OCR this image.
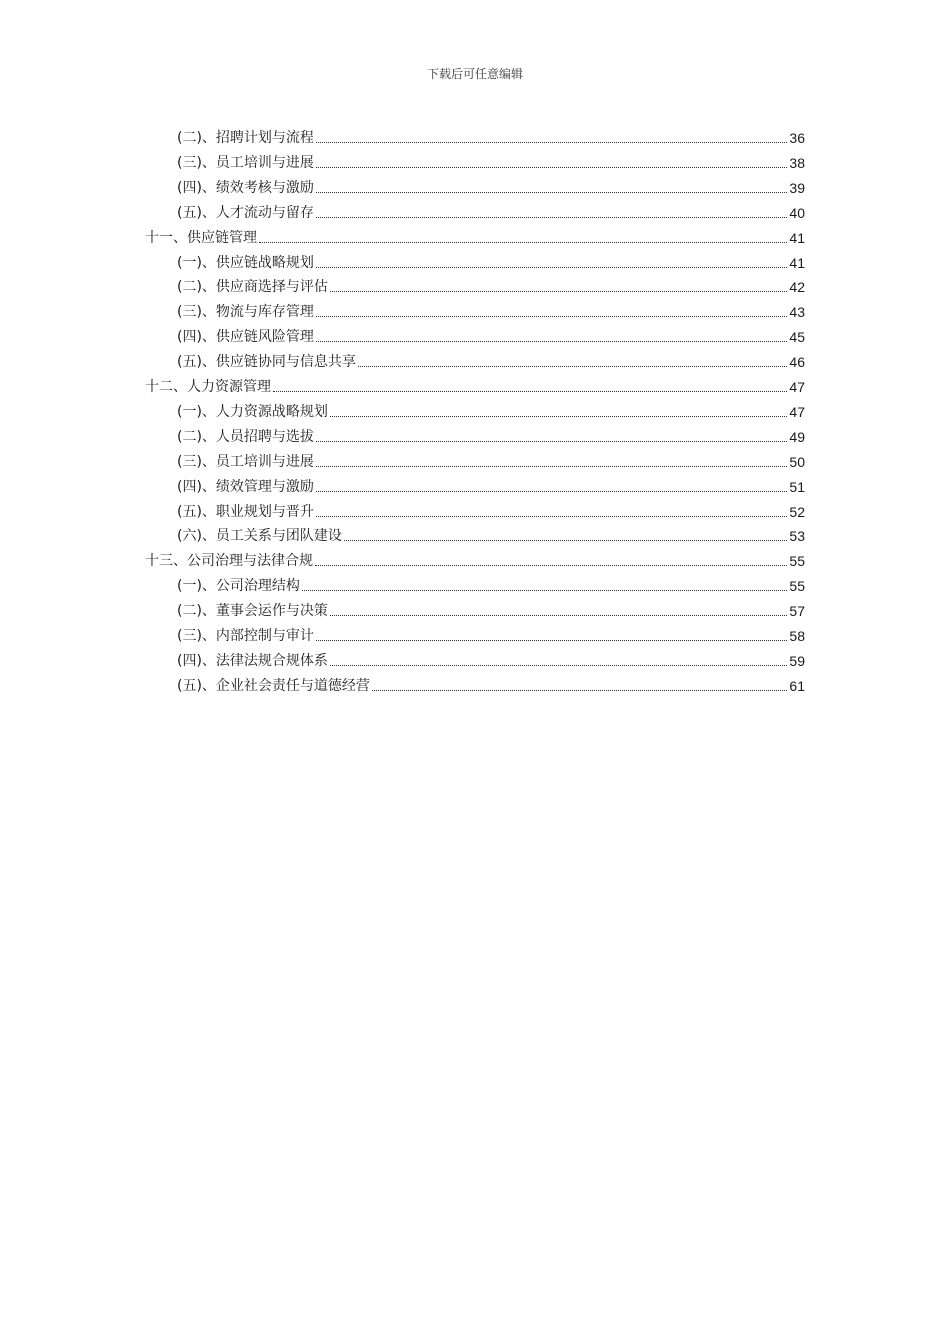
下载后可任意编辑
(二)、招聘计划与流程	36
(三)、员工培训与进展	38
(四)、绩效考核与激励	39
(五)、人才流动与留存	40
十一、供应链管理	41
(一)、供应链战略规划	41
(二)、供应商选择与评估	42
(三)、物流与库存管理	43
(四)、供应链风险管理	45
(五)、供应链协同与信息共享	46
十二、人力资源管理	47
(一)、人力资源战略规划	47
(二)、人员招聘与选拔	49
(三)、员工培训与进展	50
(四)、绩效管理与激励	51
(五)、职业规划与晋升	52
(六)、员工关系与团队建设	53
十三、公司治理与法律合规	55
(一)、公司治理结构	55
(二)、董事会运作与决策	57
(三)、内部控制与审计	58
(四)、法律法规合规体系	59
(五)、企业社会责任与道德经营	61
